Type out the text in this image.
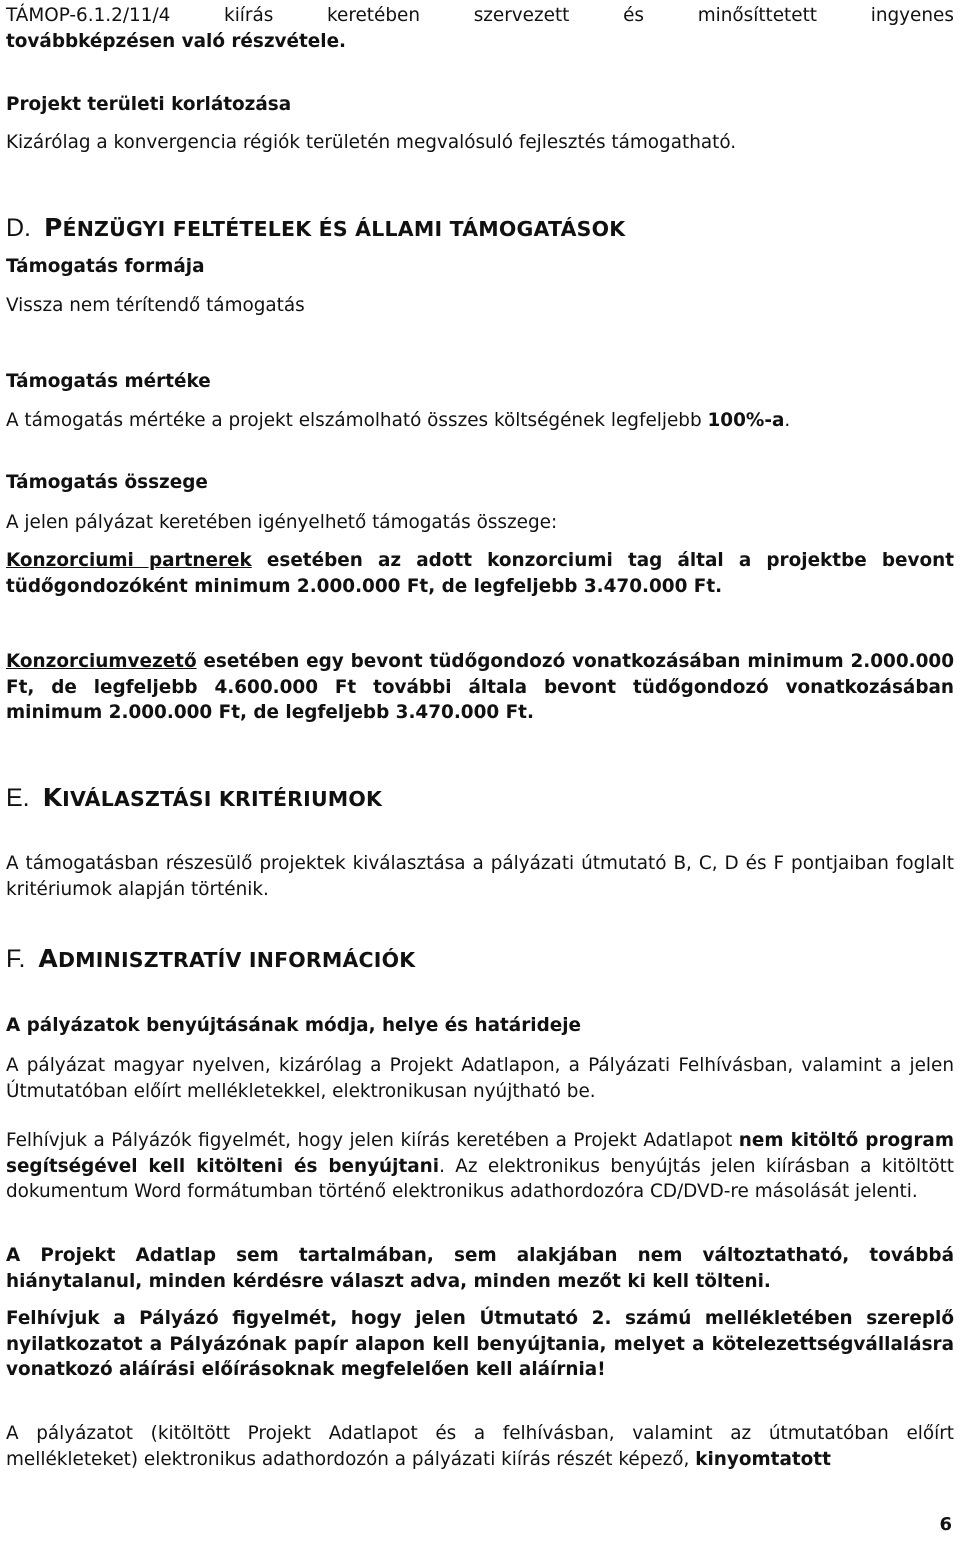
TÁMOP-6.1.2/11/4	kiírás	keretében	szervezett	és	minősíttetett	ingyenes

továbbképzésen való részvétele.

Projekt területi korlátozása

Kizárólag a konvergencia régiók területén megvalósuló fejlesztés támogatható.

D. PÉNZÜGYI FELTÉTELEK ÉS ÁLLAMI TÁMOGATÁSOK

Támogatás formája

Vissza nem térítendő támogatás

Támogatás mértéke

A támogatás mértéke a projekt elszámolható összes költségének legfeljebb 100%-a.

Támogatás összege

A jelen pályázat keretében igényelhető támogatás összege:

Konzorciumi partnerek esetében az adott konzorciumi tag által a projektbe bevont tüdőgondozóként minimum 2.000.000 Ft, de legfeljebb 3.470.000 Ft.

Konzorciumvezető esetében egy bevont tüdőgondozó vonatkozásában minimum 2.000.000 Ft, de legfeljebb 4.600.000 Ft további általa bevont tüdőgondozó vonatkozásában minimum 2.000.000 Ft, de legfeljebb 3.470.000 Ft.

E. KIVÁLASZTÁSI KRITÉRIUMOK

A támogatásban részesülő projektek kiválasztása a pályázati útmutató B, C, D és F pontjaiban foglalt kritériumok alapján történik.

F. ADMINISZTRATÍV INFORMÁCIÓK

A pályázatok benyújtásának módja, helye és határideje

A pályázat magyar nyelven, kizárólag a Projekt Adatlapon, a Pályázati Felhívásban, valamint a jelen Útmutatóban előírt mellékletekkel, elektronikusan nyújtható be.

Felhívjuk a Pályázók figyelmét, hogy jelen kiírás keretében a Projekt Adatlapot nem kitöltő program segítségével kell kitölteni és benyújtani. Az elektronikus benyújtás jelen kiírásban a kitöltött dokumentum Word formátumban történő elektronikus adathordozóra CD/DVD-re másolását jelenti.

A Projekt Adatlap sem tartalmában, sem alakjában nem változtatható, továbbá hiánytalanul, minden kérdésre választ adva, minden mezőt ki kell tölteni.

Felhívjuk a Pályázó figyelmét, hogy jelen Útmutató 2. számú mellékletében szereplő nyilatkozatot a Pályázónak papír alapon kell benyújtania, melyet a kötelezettségvállalásra vonatkozó aláírási előírásoknak megfelelően kell aláírnia!

A pályázatot (kitöltött Projekt Adatlapot és a felhívásban, valamint az útmutatóban előírt mellékleteket) elektronikus adathordozón a pályázati kiírás részét képező, kinyomtatott

6
